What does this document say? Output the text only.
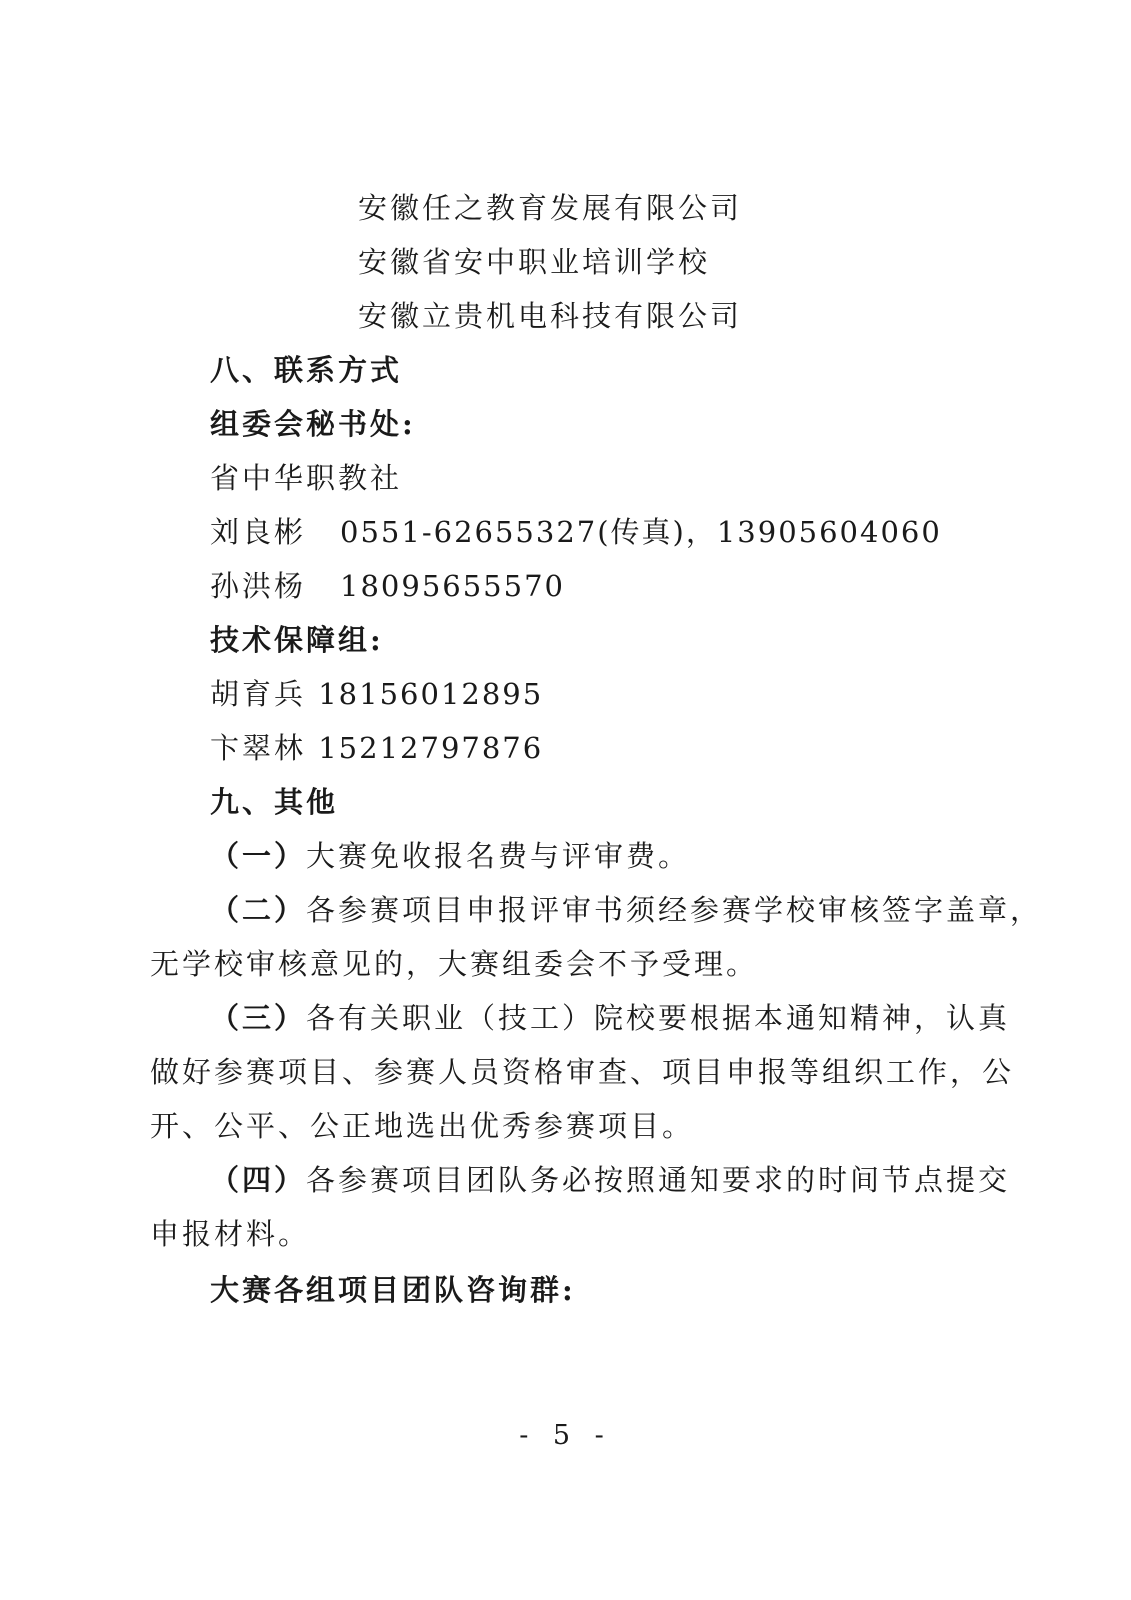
安徽任之教育发展有限公司
安徽省安中职业培训学校
安徽立贵机电科技有限公司
八、联系方式
组委会秘书处:
省中华职教社
刘良彬 0551-62655327(传真)，13905604060
孙洪杨 18095655570
技术保障组:
胡育兵 18156012895
卞翠林 15212797876
九、其他
（一）大赛免收报名费与评审费。
（二）各参赛项目申报评审书须经参赛学校审核签字盖章，
无学校审核意见的，大赛组委会不予受理。
（三）各有关职业（技工）院校要根据本通知精神，认真
做好参赛项目、参赛人员资格审查、项目申报等组织工作，公
开、公平、公正地选出优秀参赛项目。
（四）各参赛项目团队务必按照通知要求的时间节点提交
申报材料。
大赛各组项目团队咨询群:
- 5 -
